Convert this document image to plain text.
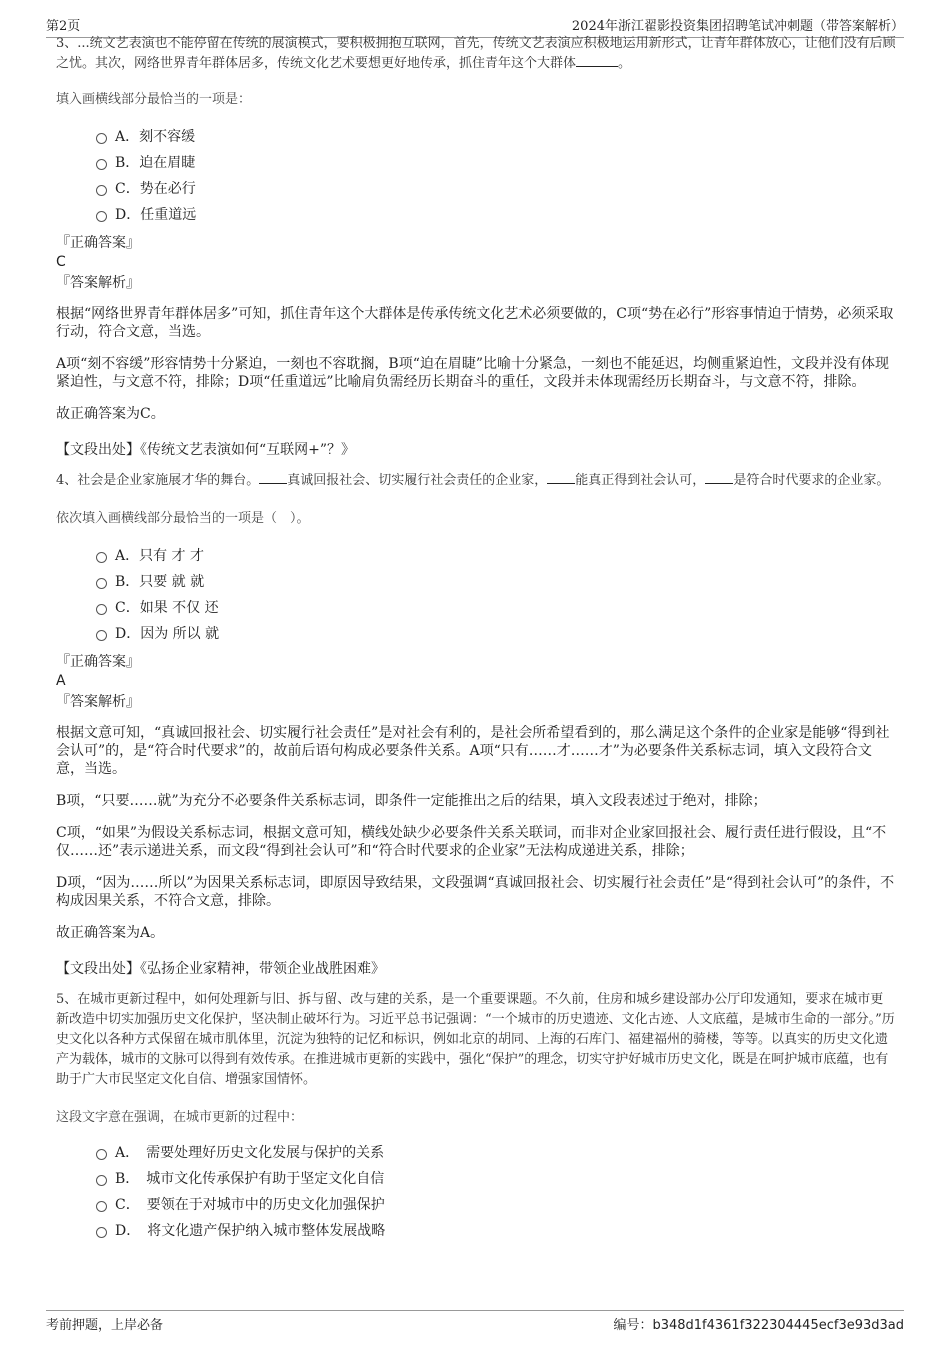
第2页	2024年浙江翟影投资集团招聘笔试冲刺题（带答案解析）

3、...统文艺表演也不能停留在传统的展演模式，要积极拥抱互联网，首先，传统文艺表演应积极地运用新形式，让青年群体放心，让他们没有后顾之忧。其次，网络世界青年群体居多，传统文化艺术要想更好地传承，抓住青年这个大群体	。

填入画横线部分最恰当的一项是：

A．刻不容缓
B．迫在眉睫
C．势在必行
D．任重道远

『正确答案』

C

『答案解析』

根据“网络世界青年群体居多”可知，抓住青年这个大群体是传承传统文化艺术必须要做的，C项“势在必行”形容事情迫于情势，必须采取行动，符合文意，当选。

A项“刻不容缓”形容情势十分紧迫，一刻也不容耽搁，B项“迫在眉睫”比喻十分紧急，一刻也不能延迟，均侧重紧迫性，文段并没有体现紧迫性，与文意不符，排除；D项“任重道远”比喻肩负需经历长期奋斗的重任，文段并未体现需经历长期奋斗，与文意不符，排除。

故正确答案为C。

【文段出处】《传统文艺表演如何“互联网+”？》

4、社会是企业家施展才华的舞台。 真诚回报社会、切实履行社会责任的企业家， 能真正得到社会认可， 是符合时代要求的企业家。

依次填入画横线部分最恰当的一项是（　）。

A．只有 才 才
B．只要 就 就
C．如果 不仅 还
D．因为 所以 就

『正确答案』

A

『答案解析』

根据文意可知，“真诚回报社会、切实履行社会责任”是对社会有利的，是社会所希望看到的，那么满足这个条件的企业家是能够“得到社会认可”的，是“符合时代要求”的，故前后语句构成必要条件关系。A项“只有……才……才”为必要条件关系标志词，填入文段符合文意，当选。

B项，“只要……就”为充分不必要条件关系标志词，即条件一定能推出之后的结果，填入文段表述过于绝对，排除；

C项，“如果”为假设关系标志词，根据文意可知，横线处缺少必要条件关系关联词，而非对企业家回报社会、履行责任进行假设，且“不仅……还”表示递进关系，而文段“得到社会认可”和“符合时代要求的企业家”无法构成递进关系，排除；

D项，“因为……所以”为因果关系标志词，即原因导致结果，文段强调“真诚回报社会、切实履行社会责任”是“得到社会认可”的条件，不构成因果关系，不符合文意，排除。

故正确答案为A。

【文段出处】《弘扬企业家精神，带领企业战胜困难》

5、在城市更新过程中，如何处理新与旧、拆与留、改与建的关系，是一个重要课题。不久前，住房和城乡建设部办公厅印发通知，要求在城市更新改造中切实加强历史文化保护，坚决制止破坏行为。习近平总书记强调：“一个城市的历史遗迹、文化古迹、人文底蕴，是城市生命的一部分。”历史文化以各种方式保留在城市肌体里，沉淀为独特的记忆和标识，例如北京的胡同、上海的石库门、福建福州的骑楼，等等。以真实的历史文化遗产为载体，城市的文脉可以得到有效传承。在推进城市更新的实践中，强化“保护”的理念，切实守护好城市历史文化，既是在呵护城市底蕴，也有助于广大市民坚定文化自信、增强家国情怀。

这段文字意在强调，在城市更新的过程中：

A．　需要处理好历史文化发展与保护的关系
B．　城市文化传承保护有助于坚定文化自信
C．　要领在于对城市中的历史文化加强保护
D．　将文化遗产保护纳入城市整体发展战略
考前押题，上岸必备	编号：b348d1f4361f322304445ecf3e93d3ad
